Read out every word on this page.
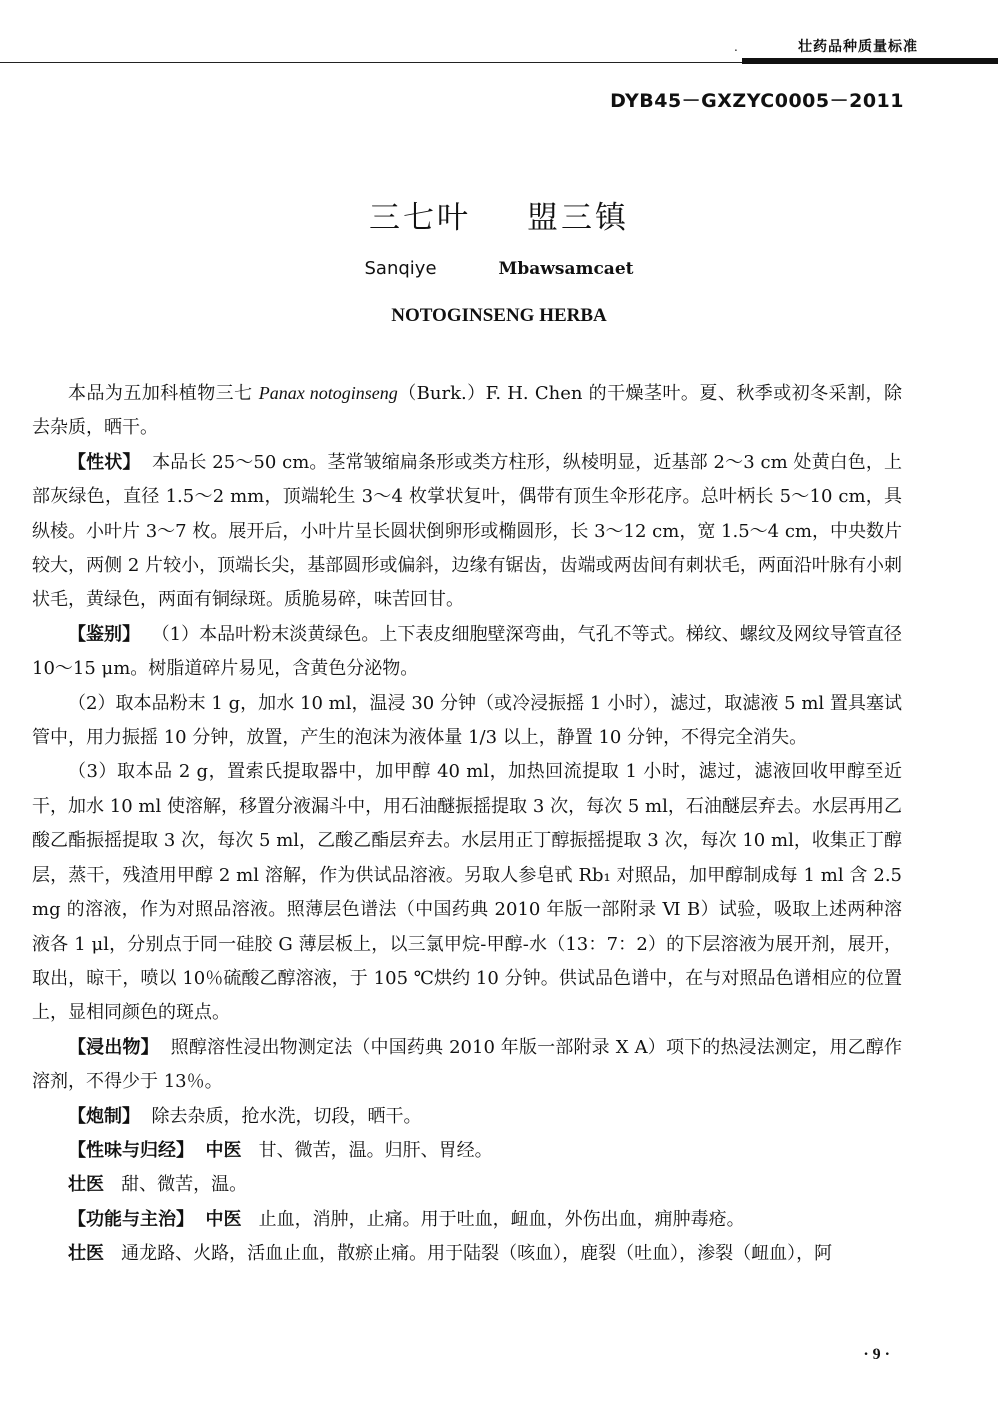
.	壮药品种质量标准
DYB45－GXZYC0005－2011
三七叶 盟三镇
Sanqiye	Mbawsamcaet
NOTOGINSENG HERBA

本品为五加科植物三七 Panax notoginseng（Burk.）F. H. Chen 的干燥茎叶。夏、秋季或初冬采割，除去杂质，晒干。

【性状】 本品长 25～50 cm。茎常皱缩扁条形或类方柱形，纵棱明显，近基部 2～3 cm 处黄白色，上部灰绿色，直径 1.5～2 mm，顶端轮生 3～4 枚掌状复叶，偶带有顶生伞形花序。总叶柄长 5～10 cm，具纵棱。小叶片 3～7 枚。展开后，小叶片呈长圆状倒卵形或椭圆形，长 3～12 cm，宽 1.5～4 cm，中央数片较大，两侧 2 片较小，顶端长尖，基部圆形或偏斜，边缘有锯齿，齿端或两齿间有刺状毛，两面沿叶脉有小刺状毛，黄绿色，两面有铜绿斑。质脆易碎，味苦回甘。

【鉴别】 （1）本品叶粉末淡黄绿色。上下表皮细胞壁深弯曲，气孔不等式。梯纹、螺纹及网纹导管直径 10～15 μm。树脂道碎片易见，含黄色分泌物。

（2）取本品粉末 1 g，加水 10 ml，温浸 30 分钟（或冷浸振摇 1 小时），滤过，取滤液 5 ml 置具塞试管中，用力振摇 10 分钟，放置，产生的泡沫为液体量 1/3 以上，静置 10 分钟，不得完全消失。

（3）取本品 2 g，置索氏提取器中，加甲醇 40 ml，加热回流提取 1 小时，滤过，滤液回收甲醇至近干，加水 10 ml 使溶解，移置分液漏斗中，用石油醚振摇提取 3 次，每次 5 ml，石油醚层弃去。水层再用乙酸乙酯振摇提取 3 次，每次 5 ml，乙酸乙酯层弃去。水层用正丁醇振摇提取 3 次，每次 10 ml，收集正丁醇层，蒸干，残渣用甲醇 2 ml 溶解，作为供试品溶液。另取人参皂甙 Rb₁ 对照品，加甲醇制成每 1 ml 含 2.5 mg 的溶液，作为对照品溶液。照薄层色谱法（中国药典 2010 年版一部附录 Ⅵ B）试验，吸取上述两种溶液各 1 μl，分别点于同一硅胶 G 薄层板上，以三氯甲烷-甲醇-水（13：7：2）的下层溶液为展开剂，展开，取出，晾干，喷以 10％硫酸乙醇溶液，于 105 ℃烘约 10 分钟。供试品色谱中，在与对照品色谱相应的位置上，显相同颜色的斑点。

【浸出物】 照醇溶性浸出物测定法（中国药典 2010 年版一部附录 Ⅹ A）项下的热浸法测定，用乙醇作溶剂，不得少于 13％。

【炮制】 除去杂质，抢水洗，切段，晒干。

【性味与归经】 中医 甘、微苦，温。归肝、胃经。

壮医 甜、微苦，温。

【功能与主治】 中医 止血，消肿，止痛。用于吐血，衄血，外伤出血，痈肿毒疮。

壮医 通龙路、火路，活血止血，散瘀止痛。用于陆裂（咳血），鹿裂（吐血），渗裂（衄血），阿

· 9 ·
